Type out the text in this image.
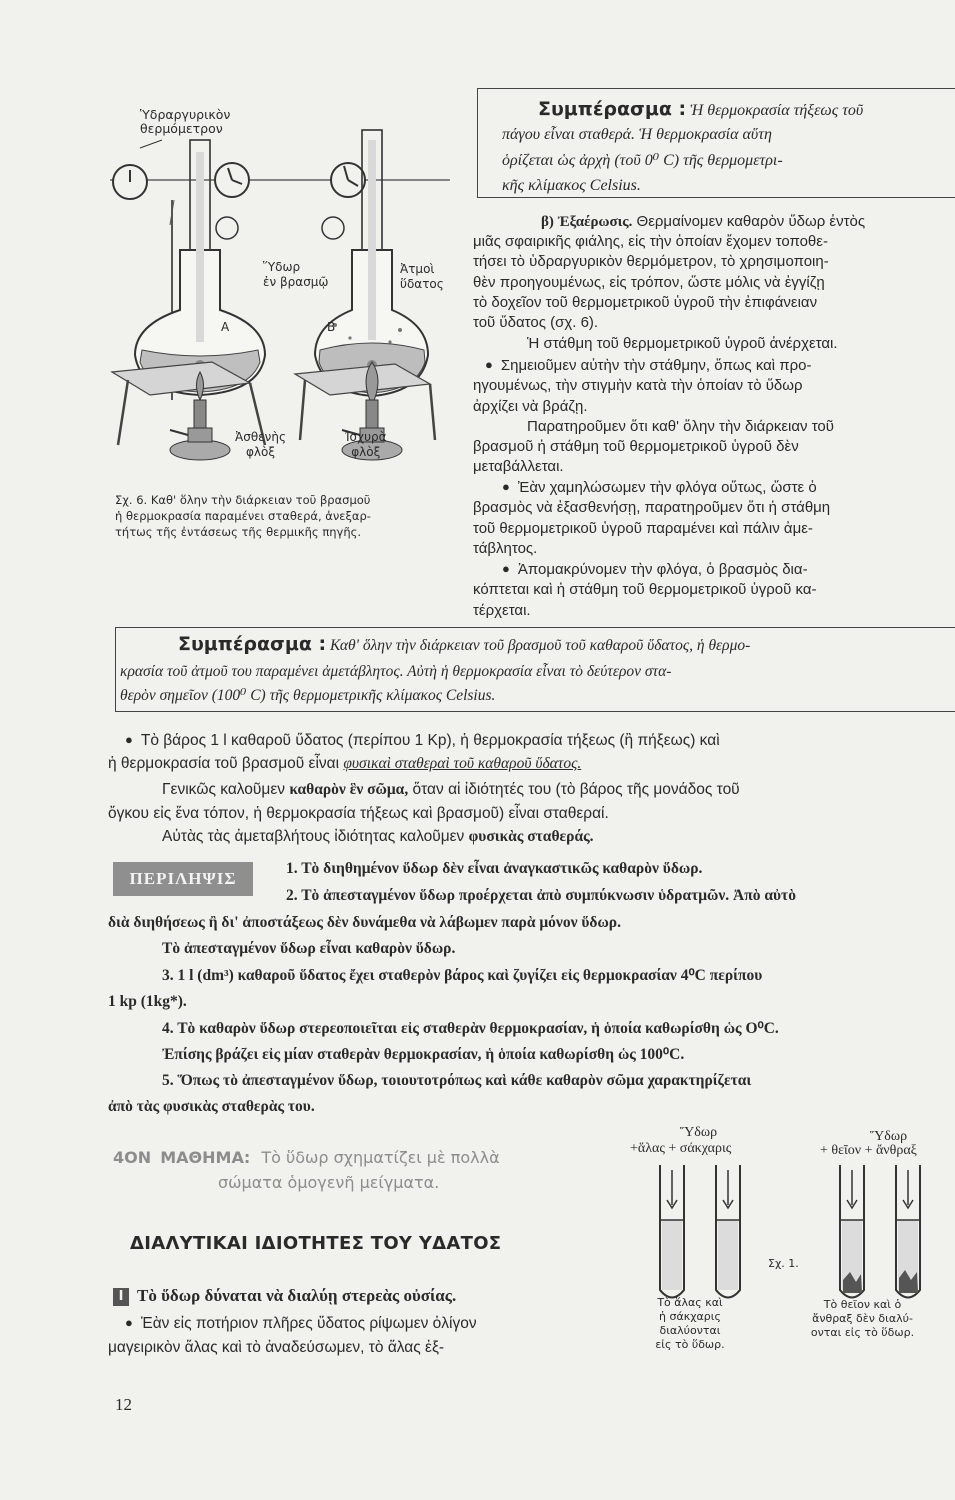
Ὑδραργυρικὸν
θερμόμετρον
A	B
Ὕδωρ
ἐν βρασμῷ
Ἀτμοὶ
ὕδατος
Ἀσθενὴς
φλὸξ
Ἰσχυρὰ
φλὸξ
Σχ. 6. Καθ' ὅλην τὴν διάρκειαν τοῦ βρασμοῦ
ἡ θερμοκρασία παραμένει σταθερά, ἀνεξαρ-
τήτως τῆς ἐντάσεως τῆς θερμικῆς πηγῆς.
Συμπέρασμα : Ἡ θερμοκρασία τήξεως τοῦ
πάγου εἶναι σταθερά. Ἡ θερμοκρασία αὕτη
ὁρίζεται ὡς ἀρχὴ (τοῦ 0⁰ C) τῆς θερμομετρι-
κῆς κλίμακος Celsius.
β) Ἐξαέρωσις. Θερμαίνομεν καθαρὸν ὕδωρ ἐντὸς
μιᾶς σφαιρικῆς φιάλης, εἰς τὴν ὁποίαν ἔχομεν τοποθε-
τήσει τὸ ὑδραργυρικὸν θερμόμετρον, τὸ χρησιμοποιη-
θὲν προηγουμένως, εἰς τρόπον, ὥστε μόλις νὰ ἐγγίζῃ
τὸ δοχεῖον τοῦ θερμομετρικοῦ ὑγροῦ τὴν ἐπιφάνειαν
τοῦ ὕδατος (σχ. 6).
Ἡ στάθμη τοῦ θερμομετρικοῦ ὑγροῦ ἀνέρχεται.
● Σημειοῦμεν αὐτὴν τὴν στάθμην, ὅπως καὶ προ-
ηγουμένως, τὴν στιγμὴν κατὰ τὴν ὁποίαν τὸ ὕδωρ
ἀρχίζει νὰ βράζῃ.
Παρατηροῦμεν ὅτι καθ' ὅλην τὴν διάρκειαν τοῦ
βρασμοῦ ἡ στάθμη τοῦ θερμομετρικοῦ ὑγροῦ δὲν
μεταβάλλεται.
● Ἐὰν χαμηλώσωμεν τὴν φλόγα οὕτως, ὥστε ὁ
βρασμὸς νὰ ἐξασθενήσῃ, παρατηροῦμεν ὅτι ἡ στάθμη
τοῦ θερμομετρικοῦ ὑγροῦ παραμένει καὶ πάλιν ἀμε-
τάβλητος.
● Ἀπομακρύνομεν τὴν φλόγα, ὁ βρασμὸς δια-
κόπτεται καὶ ἡ στάθμη τοῦ θερμομετρικοῦ ὑγροῦ κα-
τέρχεται.
Συμπέρασμα : Καθ' ὅλην τὴν διάρκειαν τοῦ βρασμοῦ τοῦ καθαροῦ ὕδατος, ἡ θερμο-
κρασία τοῦ ἀτμοῦ του παραμένει ἀμετάβλητος. Αὐτὴ ἡ θερμοκρασία εἶναι τὸ δεύτερον στα-
θερὸν σημεῖον (100⁰ C) τῆς θερμομετρικῆς κλίμακος Celsius.
● Τὸ βάρος 1 l καθαροῦ ὕδατος (περίπου 1 Kp), ἡ θερμοκρασία τήξεως (ἢ πήξεως) καὶ
ἡ θερμοκρασία τοῦ βρασμοῦ εἶναι φυσικαὶ σταθεραὶ τοῦ καθαροῦ ὕδατος.
Γενικῶς καλοῦμεν καθαρὸν ἓν σῶμα, ὅταν αἱ ἰδιότητές του (τὸ βάρος τῆς μονάδος τοῦ
ὄγκου εἰς ἕνα τόπον, ἡ θερμοκρασία τήξεως καὶ βρασμοῦ) εἶναι σταθεραί.
Αὐτὰς τὰς ἀμεταβλήτους ἰδιότητας καλοῦμεν φυσικὰς σταθεράς.
ΠΕΡΙΛΗΨΙΣ
1. Τὸ διηθημένον ὕδωρ δὲν εἶναι ἀναγκαστικῶς καθαρὸν ὕδωρ.
2. Τὸ ἀπεσταγμένον ὕδωρ προέρχεται ἀπὸ συμπύκνωσιν ὑδρατμῶν. Ἀπὸ αὐτὸ
διὰ διηθήσεως ἢ δι' ἀποστάξεως δὲν δυνάμεθα νὰ λάβωμεν παρὰ μόνον ὕδωρ.
Τὸ ἀπεσταγμένον ὕδωρ εἶναι καθαρὸν ὕδωρ.
3. 1 l (dm³) καθαροῦ ὕδατος ἔχει σταθερὸν βάρος καὶ ζυγίζει εἰς θερμοκρασίαν 4⁰C περίπου
1 kp (1kg*).
4. Τὸ καθαρὸν ὕδωρ στερεοποιεῖται εἰς σταθερὰν θερμοκρασίαν, ἡ ὁποία καθωρίσθη ὡς O⁰C.
Ἐπίσης βράζει εἰς μίαν σταθερὰν θερμοκρασίαν, ἡ ὁποία καθωρίσθη ὡς 100⁰C.
5. Ὅπως τὸ ἀπεσταγμένον ὕδωρ, τοιουτοτρόπως καὶ κάθε καθαρὸν σῶμα χαρακτηρίζεται
ἀπὸ τὰς φυσικὰς σταθερὰς του.
4ΟΝ ΜΑΘΗΜΑ: Τὸ ὕδωρ σχηματίζει μὲ πολλὰ
σώματα ὁμογενῆ μείγματα.
ΔΙΑΛΥΤΙΚΑΙ ΙΔΙΟΤΗΤΕΣ ΤΟΥ ΥΔΑΤΟΣ
I Τὸ ὕδωρ δύναται νὰ διαλύῃ στερεὰς οὐσίας.
● Ἐὰν εἰς ποτήριον πλῆρες ὕδατος ρίψωμεν ὀλίγον
μαγειρικὸν ἅλας καὶ τὸ ἀναδεύσωμεν, τὸ ἅλας ἐξ-
Ὕδωρ
+ἅλας + σάκχαρις
Ὕδωρ
+ θεῖον + ἄνθραξ
Σχ. 1.
Τὸ ἅλας καὶ
ἡ σάκχαρις
διαλύονται
εἰς τὸ ὕδωρ.
Τὸ θεῖον καὶ ὁ
ἄνθραξ δὲν διαλύ-
ονται εἰς τὸ ὕδωρ.
12
